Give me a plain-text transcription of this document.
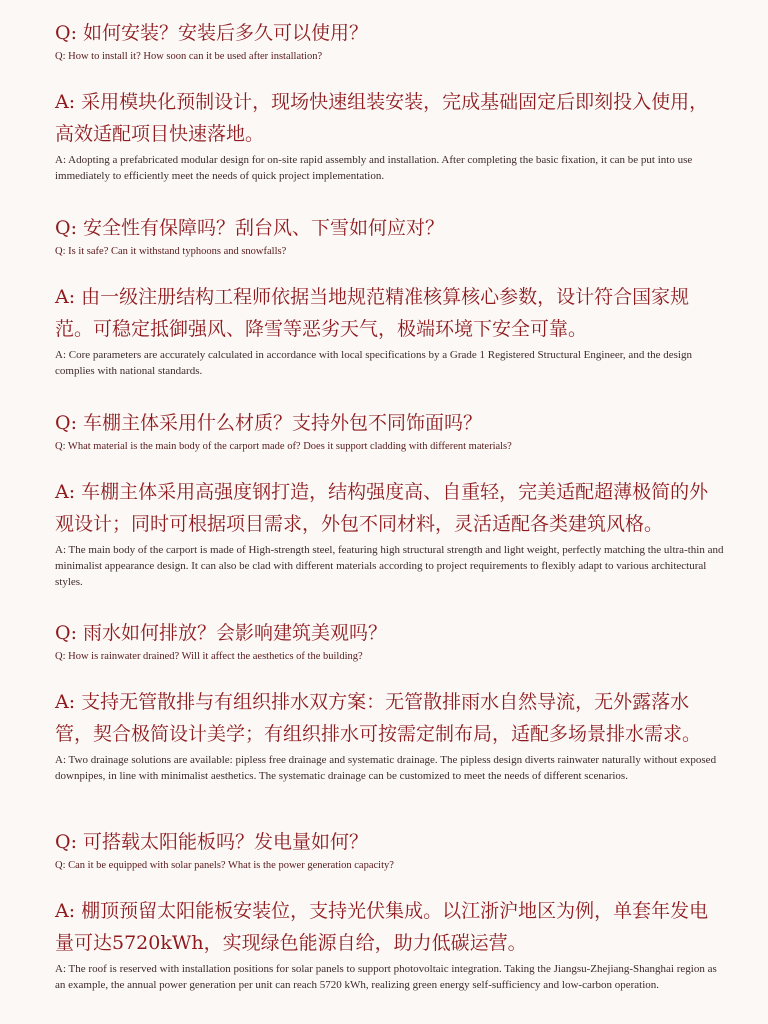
Q: 如何安装？安装后多久可以使用？

Q: How to install it? How soon can it be used after installation?

A: 采用模块化预制设计，现场快速组装安装，完成基础固定后即刻投入使用，高效适配项目快速落地。

A: Adopting a prefabricated modular design for on-site rapid assembly and installation. After completing the basic fixation, it can be put into use immediately to efficiently meet the needs of quick project implementation.

Q: 安全性有保障吗？刮台风、下雪如何应对？

Q: Is it safe? Can it withstand typhoons and snowfalls?

A: 由一级注册结构工程师依据当地规范精准核算核心参数，设计符合国家规范。可稳定抵御强风、降雪等恶劣天气，极端环境下安全可靠。

A: Core parameters are accurately calculated in accordance with local specifications by a Grade 1 Registered Structural Engineer, and the design complies with national standards.

Q: 车棚主体采用什么材质？支持外包不同饰面吗？

Q: What material is the main body of the carport made of? Does it support cladding with different materials?

A: 车棚主体采用高强度钢打造，结构强度高、自重轻，完美适配超薄极简的外观设计；同时可根据项目需求，外包不同材料，灵活适配各类建筑风格。

A: The main body of the carport is made of High-strength steel, featuring high structural strength and light weight, perfectly matching the ultra-thin and minimalist appearance design. It can also be clad with different materials according to project requirements to flexibly adapt to various architectural styles.

Q: 雨水如何排放？会影响建筑美观吗？

Q: How is rainwater drained? Will it affect the aesthetics of the building?

A: 支持无管散排与有组织排水双方案：无管散排雨水自然导流，无外露落水管，契合极简设计美学；有组织排水可按需定制布局，适配多场景排水需求。

A: Two drainage solutions are available: pipless free drainage and systematic drainage. The pipless design diverts rainwater naturally without exposed downpipes, in line with minimalist aesthetics. The systematic drainage can be customized to meet the needs of different scenarios.

Q: 可搭载太阳能板吗？发电量如何？

Q: Can it be equipped with solar panels? What is the power generation capacity?

A: 棚顶预留太阳能板安装位，支持光伏集成。以江浙沪地区为例，单套年发电量可达5720kWh，实现绿色能源自给，助力低碳运营。

A: The roof is reserved with installation positions for solar panels to support photovoltaic integration. Taking the Jiangsu-Zhejiang-Shanghai region as an example, the annual power generation per unit can reach 5720 kWh, realizing green energy self-sufficiency and low-carbon operation.
